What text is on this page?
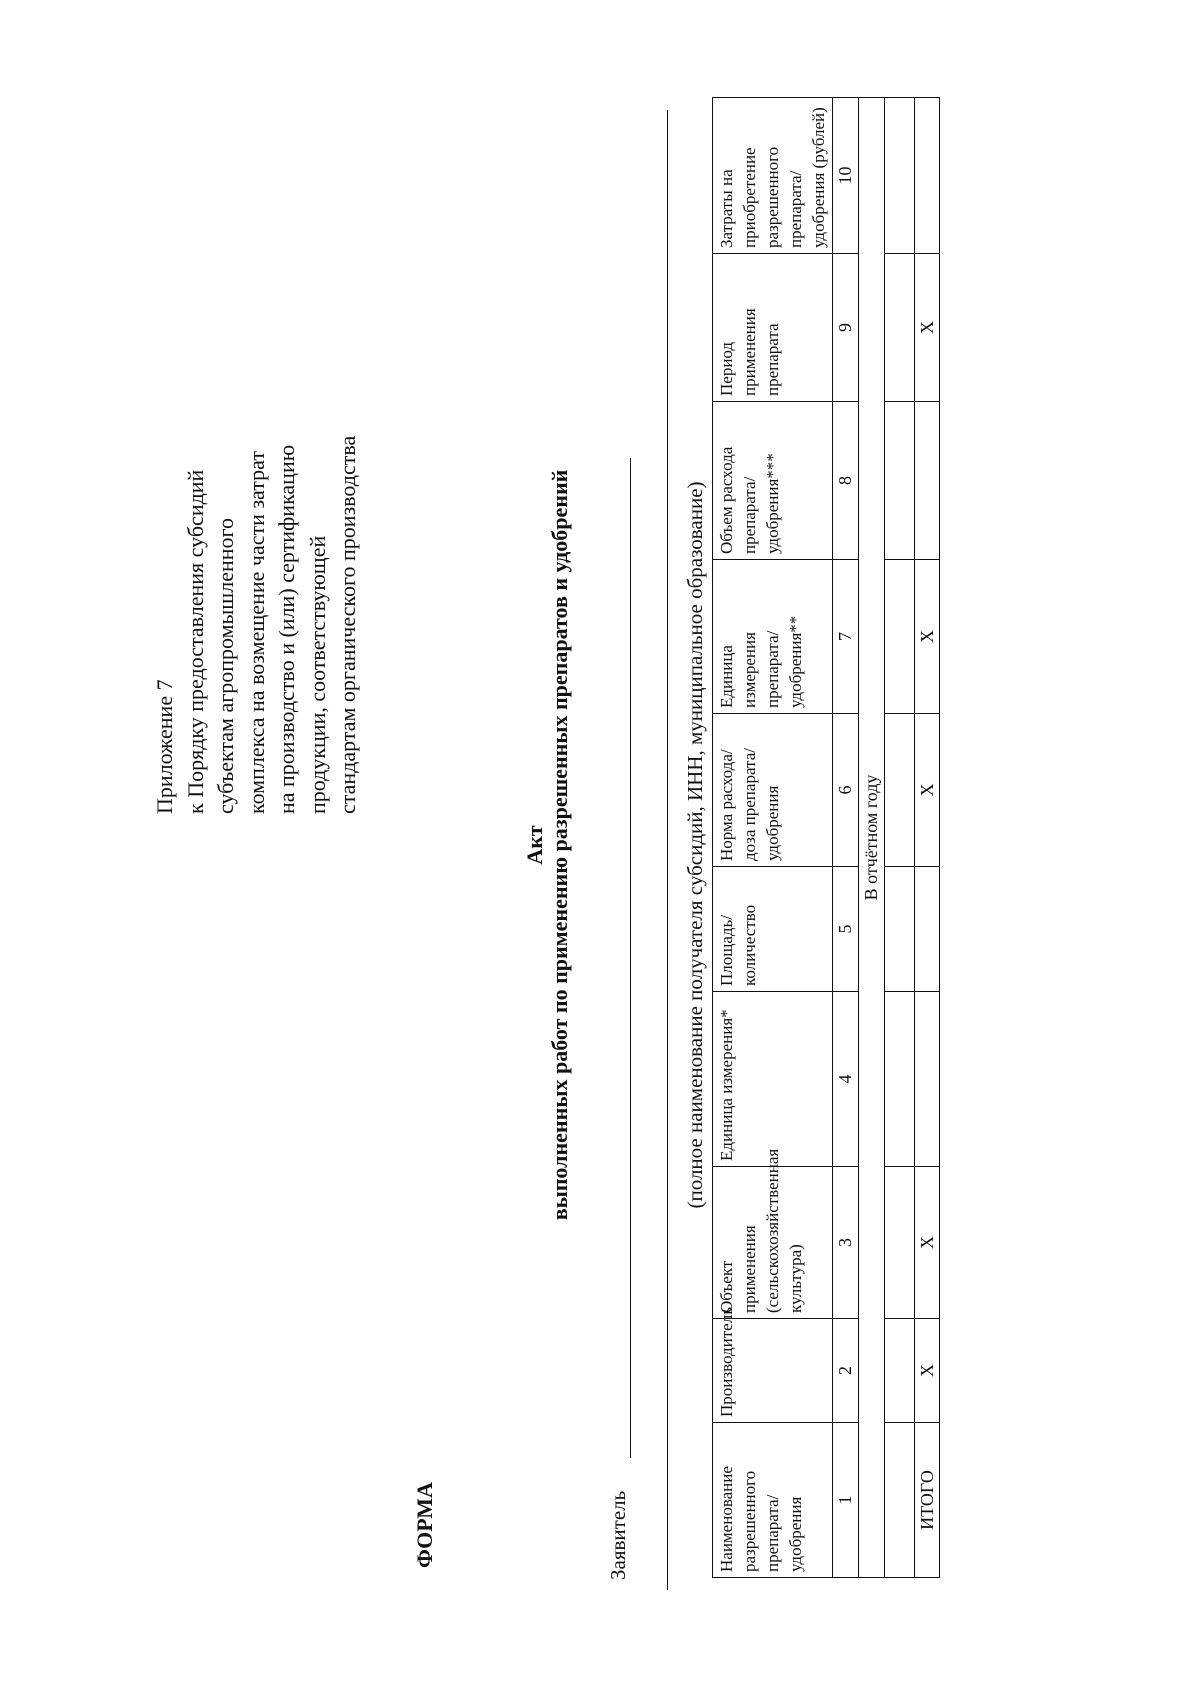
Приложение 7
к Порядку предоставления субсидий
субъектам агропромышленного
комплекса на возмещение части затрат
на производство и (или) сертификацию
продукции, соответствующей
стандартам органического производства
ФОРМА
Акт выполненных работ по применению разрешенных препаратов и удобрений
Заявитель
(полное наименование получателя субсидий, ИНН, муниципальное образование)
Наименование разрешенного препарата/удобрения	Производитель	Объект применения (сельскохозяйственная культура)	Единица измерения*	Площадь/количество	Норма расхода/ доза препарата/удобрения	Единица измерения препарата/удобрения**	Объем расхода препарата/удобрения***	Период применения препарата	Затраты на приобретение разрешенного препарата/ удобрения (рублей)
1	2	3	4	5	6	7	8	9	10
В отчётном году									

ИТОГО	X	X			X	X		X	
